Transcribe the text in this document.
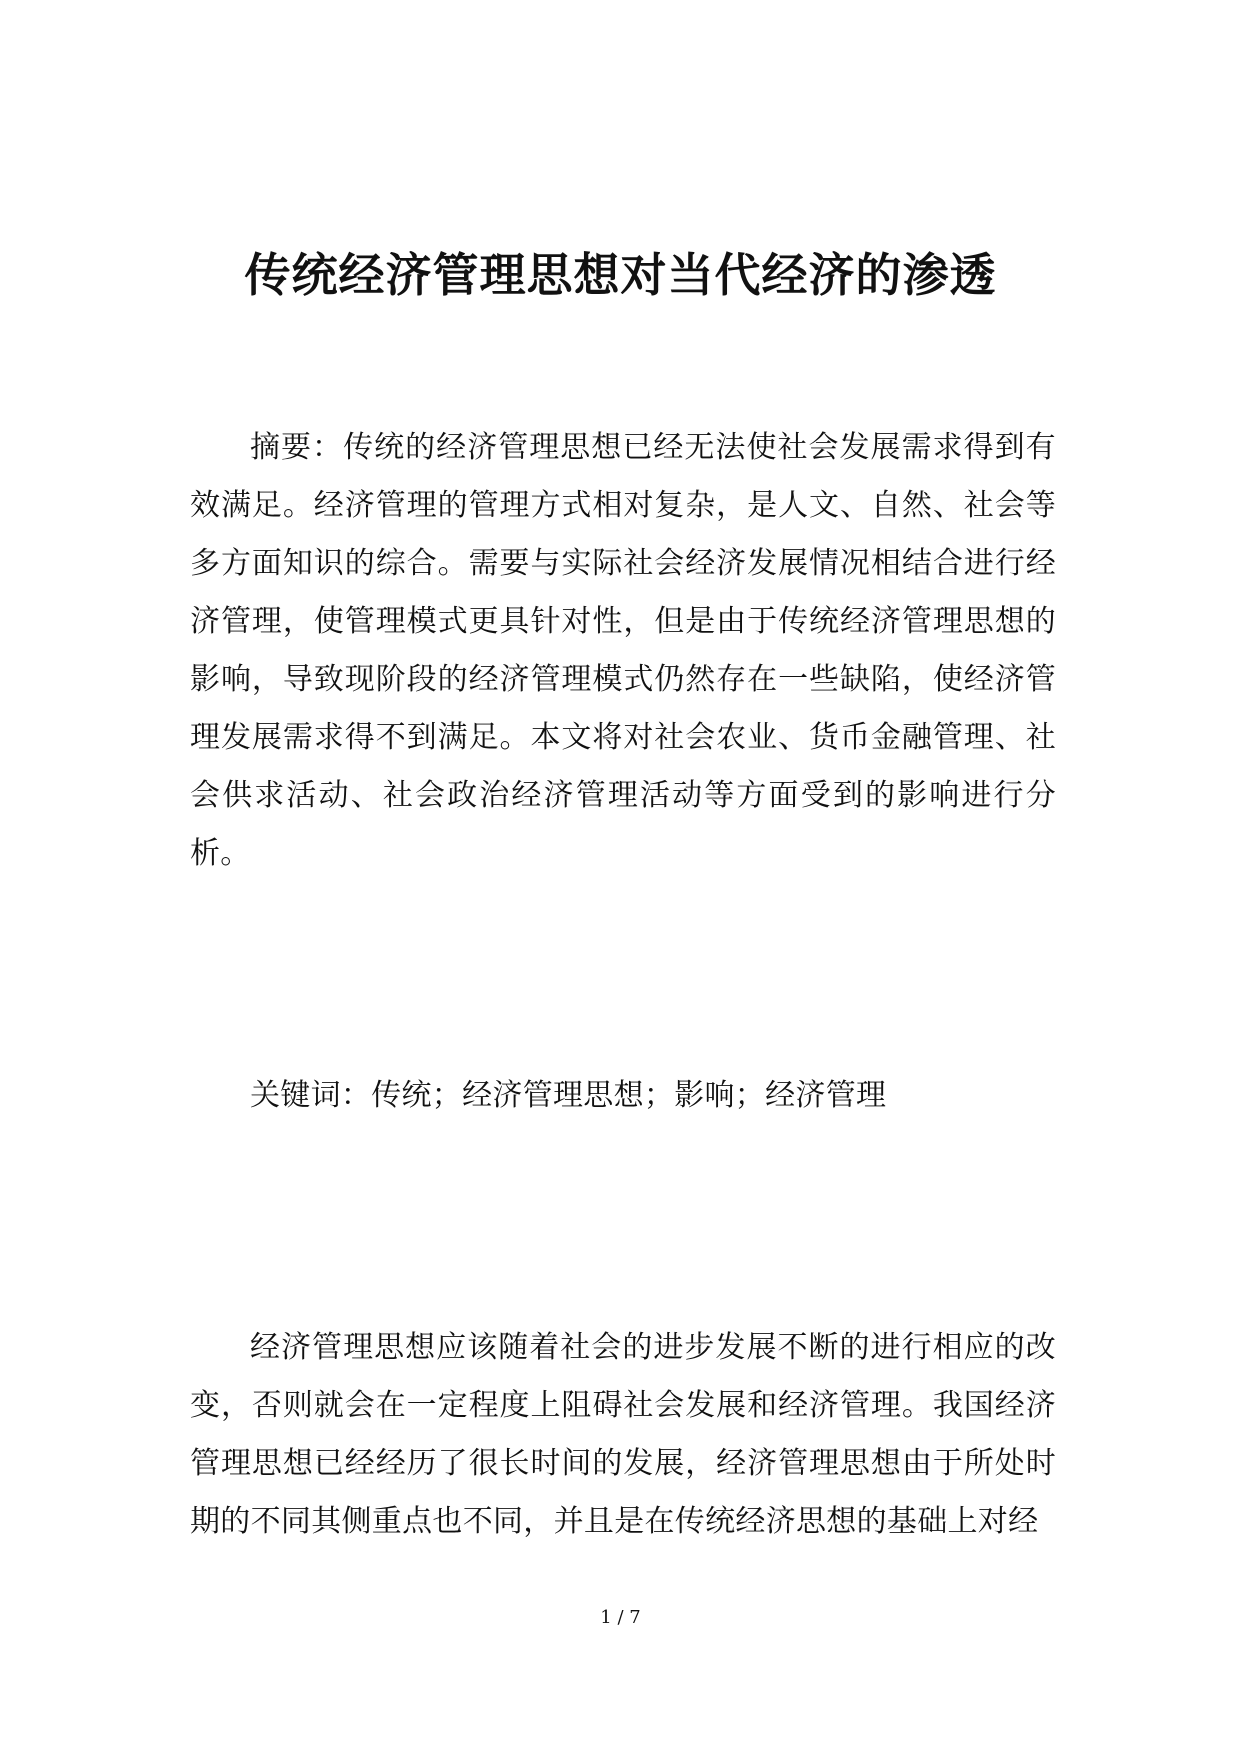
传统经济管理思想对当代经济的渗透

摘要：传统的经济管理思想已经无法使社会发展需求得到有效满足。经济管理的管理方式相对复杂，是人文、自然、社会等多方面知识的综合。需要与实际社会经济发展情况相结合进行经济管理，使管理模式更具针对性，但是由于传统经济管理思想的影响，导致现阶段的经济管理模式仍然存在一些缺陷，使经济管理发展需求得不到满足。本文将对社会农业、货币金融管理、社会供求活动、社会政治经济管理活动等方面受到的影响进行分析。

关键词：传统；经济管理思想；影响；经济管理

经济管理思想应该随着社会的进步发展不断的进行相应的改变，否则就会在一定程度上阻碍社会发展和经济管理。我国经济管理思想已经经历了很长时间的发展，经济管理思想由于所处时期的不同其侧重点也不同，并且是在传统经济思想的基础上对经

1 / 7
